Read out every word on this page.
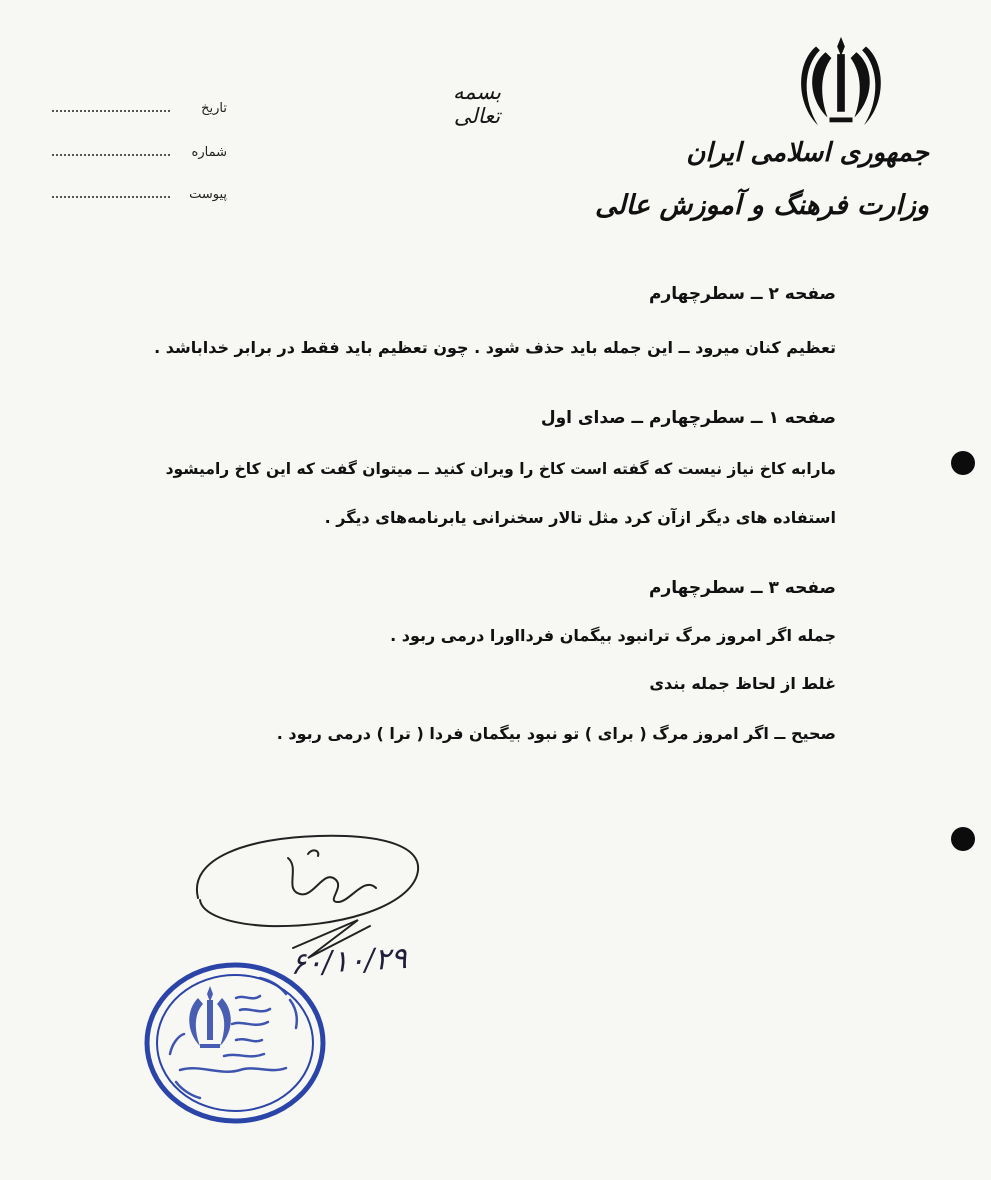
جمهوری اسلامی ایران
وزارت فرهنگ و آموزش عالی
بسمه تعالی
تاریخ
شماره
پیوست
صفحه ۲ ــ سطرچهارم
تعظیم کنان میرود ــ این جمله باید حذف شود . چون تعظیم باید فقط در برابر خداباشد .
صفحه ۱ ــ سطرچهارم ــ صدای اول
مارابه کاخ نیاز نیست که گفته است کاخ را ویران کنید ــ میتوان گفت که این کاخ رامیشود
استفاده های دیگر ازآن کرد مثل تالار سخنرانی یابرنامه‌های دیگر .
صفحه ۳ ــ سطرچهارم
جمله اگر امروز مرگ ترانبود بیگمان فردااورا درمی ربود .
غلط از لحاظ جمله بندی
صحیح ــ اگر امروز مرگ ( برای ) تو نبود بیگمان فردا ( ترا ) درمی ربود .
۶۰/۱۰/۲۹
